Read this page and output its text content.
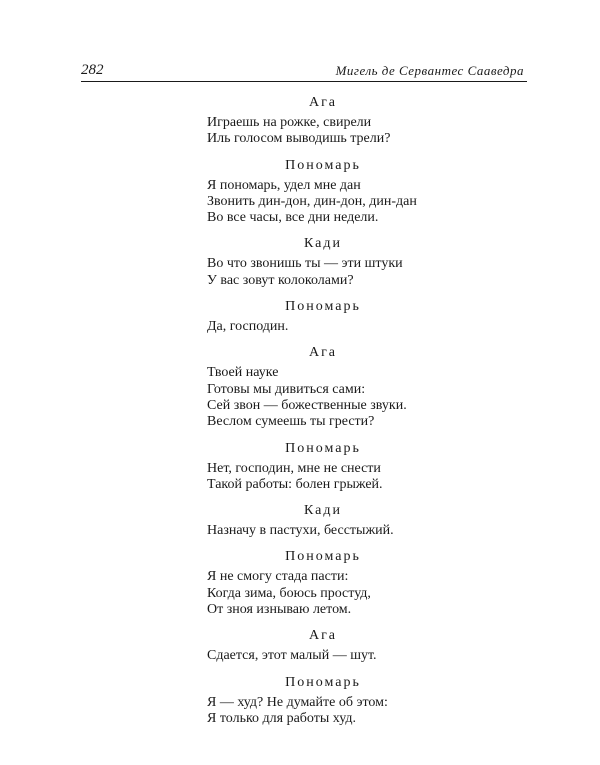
282	Мигель де Сервантес Сааведра
Ага
Играешь на рожке, свирели
Иль голосом выводишь трели?
Пономарь
Я пономарь, удел мне дан
Звонить дин-дон, дин-дон, дин-дан
Во все часы, все дни недели.
Кади
Во что звонишь ты — эти штуки
У вас зовут колоколами?
Пономарь
Да, господин.
Ага
Твоей науке
Готовы мы дивиться сами:
Сей звон — божественные звуки.
Веслом сумеешь ты грести?
Пономарь
Нет, господин, мне не снести
Такой работы: болен грыжей.
Кади
Назначу в пастухи, бесстыжий.
Пономарь
Я не смогу стада пасти:
Когда зима, боюсь простуд,
От зноя изнываю летом.
Ага
Сдается, этот малый — шут.
Пономарь
Я — худ? Не думайте об этом:
Я только для работы худ.
